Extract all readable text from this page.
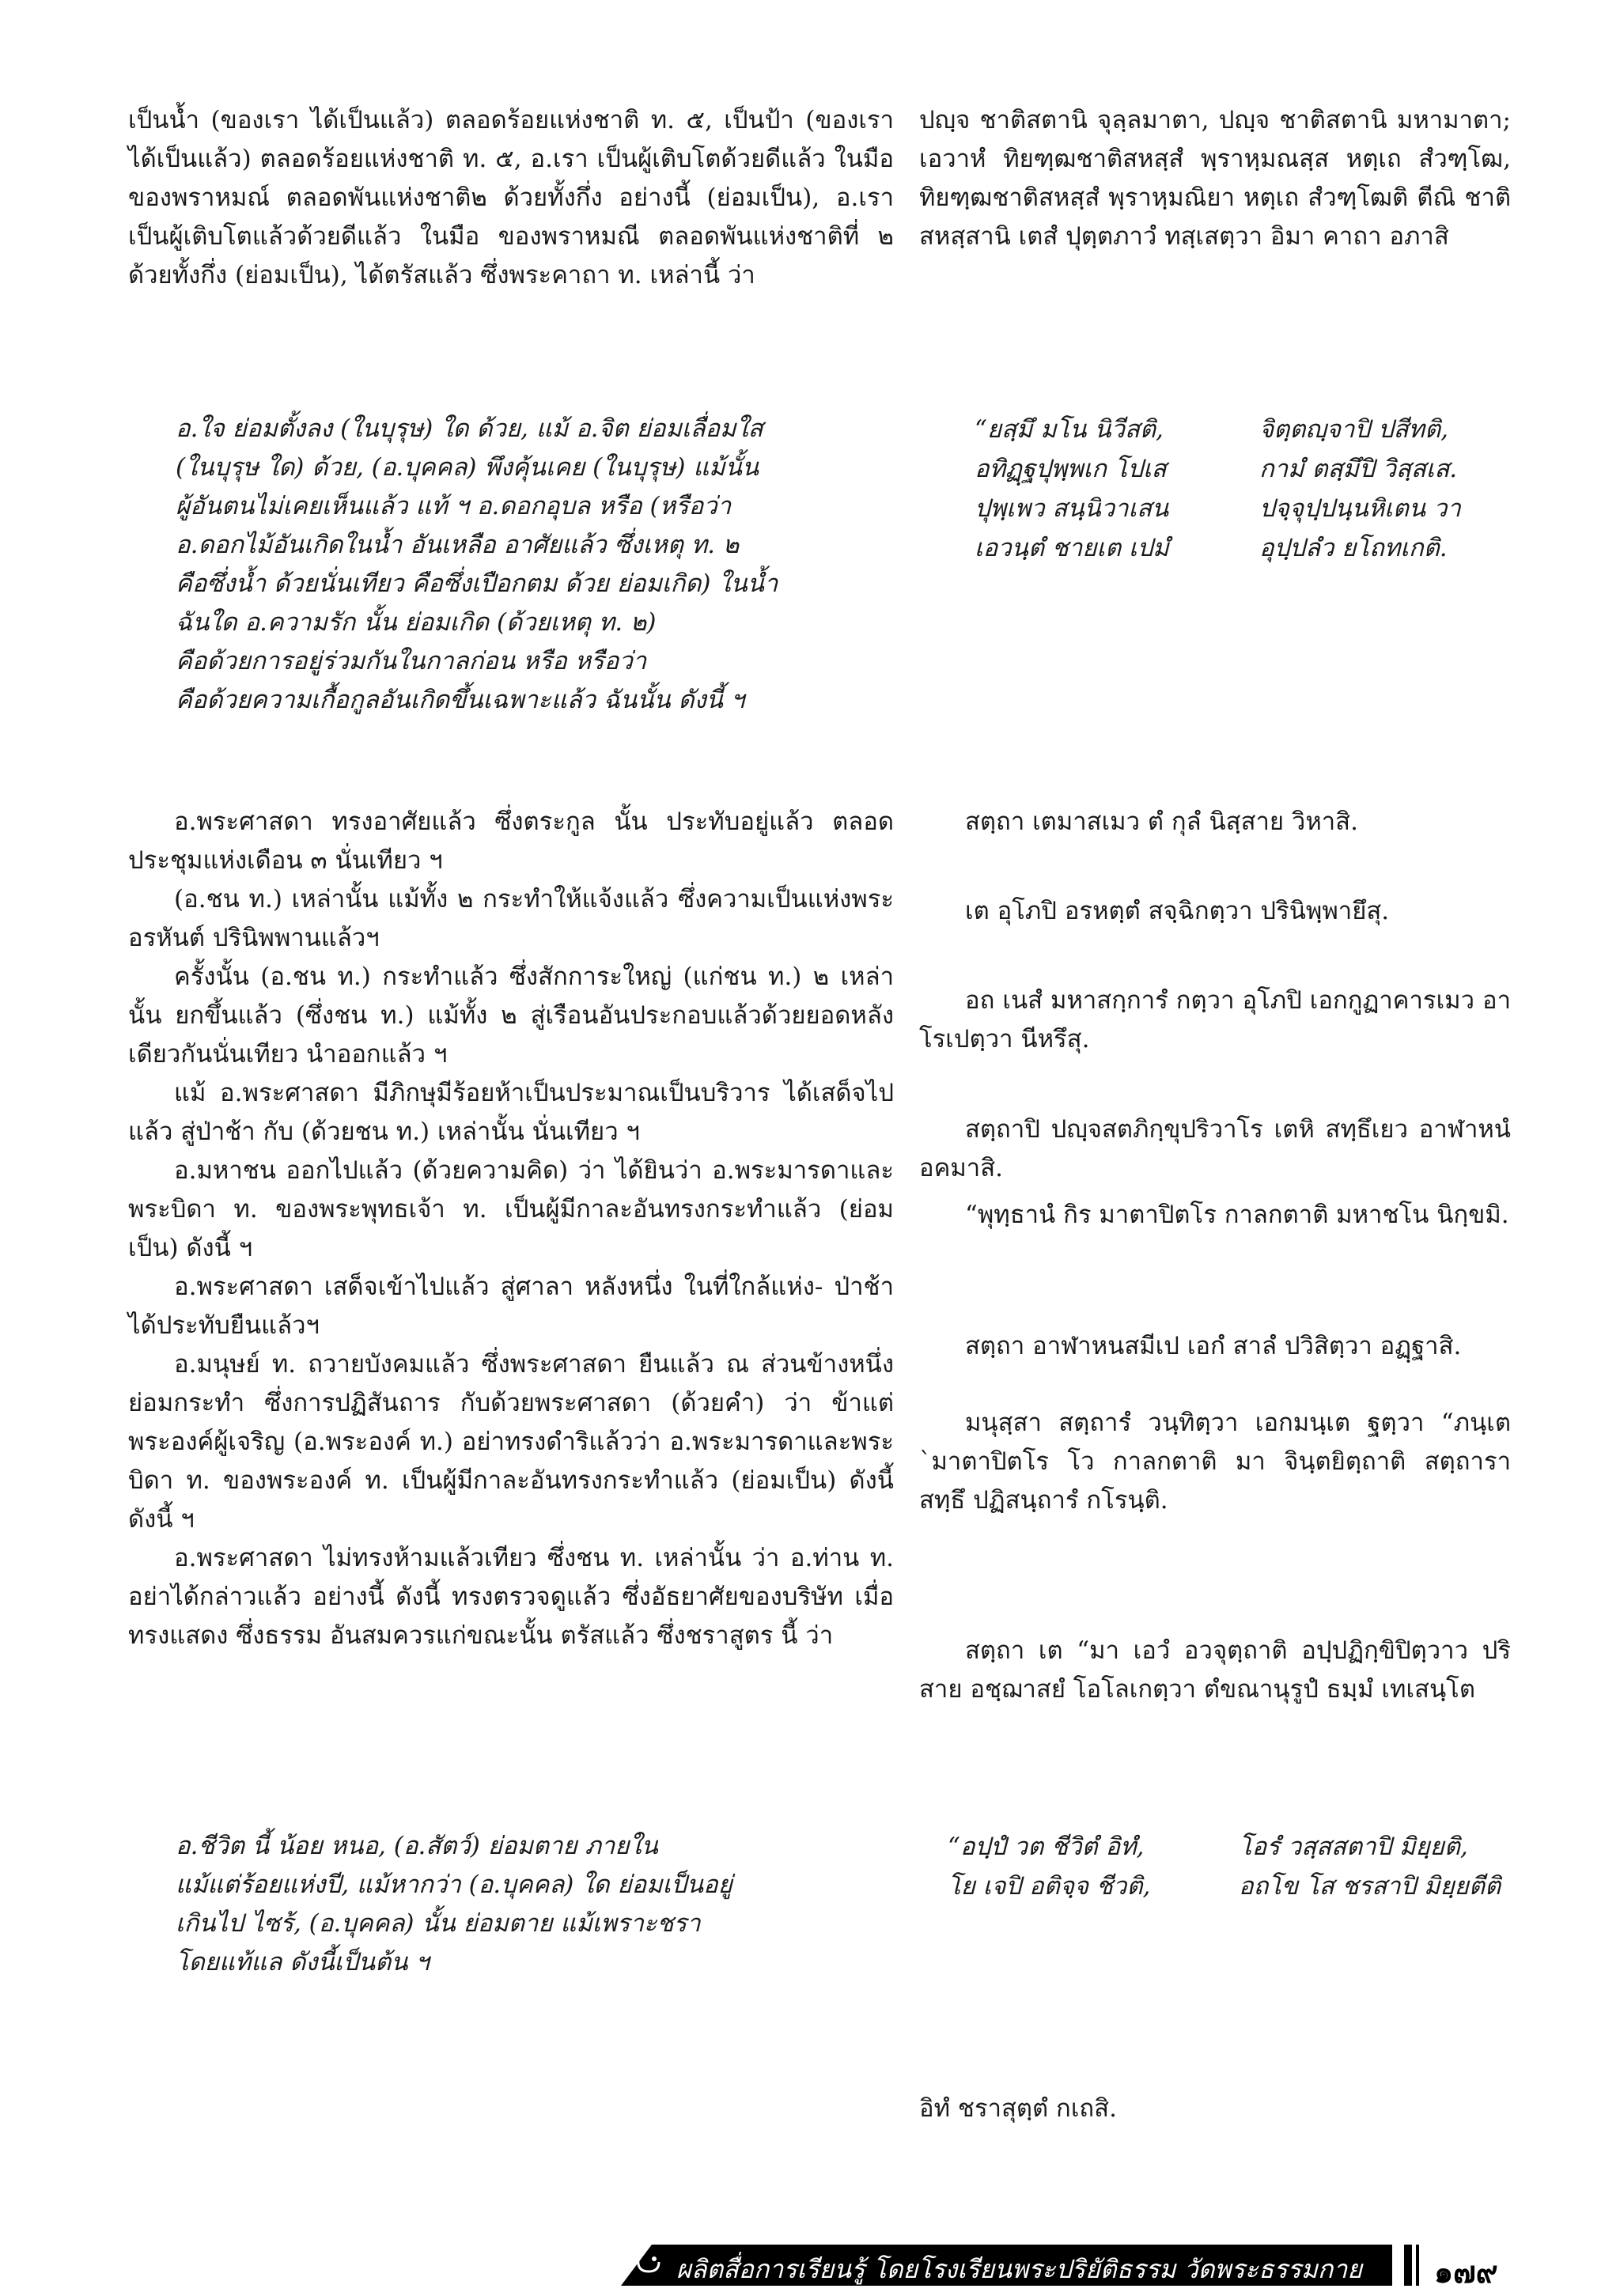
เป็นน้ำ (ของเรา ได้เป็นแล้ว) ตลอดร้อยแห่งชาติ ท. ๕, เป็นป้า (ของเรา ได้เป็นแล้ว) ตลอดร้อยแห่งชาติ ท. ๕, อ.เรา เป็นผู้เติบโตด้วยดีแล้ว ในมือ ของพราหมณ์ ตลอดพันแห่งชาติ๒ ด้วยทั้งกึ่ง อย่างนี้ (ย่อมเป็น), อ.เรา เป็นผู้เติบโตแล้วด้วยดีแล้ว ในมือ ของพราหมณี ตลอดพันแห่งชาติที่ ๒ ด้วยทั้งกึ่ง (ย่อมเป็น), ได้ตรัสแล้ว ซึ่งพระคาถา ท. เหล่านี้ ว่า

ปญฺจ ชาติสตานิ จุลฺลมาตา, ปญฺจ ชาติสตานิ มหามาตา; เอวาหํ ทิยฑฺฒชาติสหสฺสํ พฺราหฺมณสฺส หตฺเถ สํวฑฺโฒ, ทิยฑฺฒชาติสหสฺสํ พฺราหฺมณิยา หตฺเถ สํวฑฺโฒติ ตีณิ ชาติสหสฺสานิ เตสํ ปุตฺตภาวํ ทสฺเสตฺวา อิมา คาถา อภาสิ

อ.ใจ ย่อมตั้งลง (ในบุรุษ) ใด ด้วย, แม้ อ.จิต ย่อมเลื่อมใส

(ในบุรุษ ใด) ด้วย, (อ.บุคคล) พึงคุ้นเคย (ในบุรุษ) แม้นั้น

ผู้อันตนไม่เคยเห็นแล้ว แท้ ฯ อ.ดอกอุบล หรือ (หรือว่า

อ.ดอกไม้อันเกิดในน้ำ อันเหลือ อาศัยแล้ว ซึ่งเหตุ ท. ๒

คือซึ่งน้ำ ด้วยนั่นเทียว คือซึ่งเปือกตม ด้วย ย่อมเกิด) ในน้ำ

ฉันใด อ.ความรัก นั้น ย่อมเกิด (ด้วยเหตุ ท. ๒)

คือด้วยการอยู่ร่วมกันในกาลก่อน หรือ หรือว่า

คือด้วยความเกื้อกูลอันเกิดขึ้นเฉพาะแล้ว ฉันนั้น ดังนี้ ฯ

“ยสฺมึ มโน นิวีสติ,	จิตฺตญฺจาปิ ปสีทติ,
อทิฏฺฐปุพฺพเก โปเส	กามํ ตสฺมึปิ วิสฺสเส.
ปุพฺเพว สนฺนิวาเสน	ปจฺจุปฺปนฺนหิเตน วา
เอวนฺตํ ชายเต เปมํ	อุปฺปลํว ยโถทเกติ.

อ.พระศาสดา ทรงอาศัยแล้ว ซึ่งตระกูล นั้น ประทับอยู่แล้ว ตลอดประชุมแห่งเดือน ๓ นั่นเทียว ฯ

(อ.ชน ท.) เหล่านั้น แม้ทั้ง ๒ กระทำให้แจ้งแล้ว ซึ่งความเป็นแห่งพระอรหันต์ ปรินิพพานแล้วฯ

ครั้งนั้น (อ.ชน ท.) กระทำแล้ว ซึ่งสักการะใหญ่ (แก่ชน ท.) ๒ เหล่านั้น ยกขึ้นแล้ว (ซึ่งชน ท.) แม้ทั้ง ๒ สู่เรือนอันประกอบแล้วด้วยยอดหลังเดียวกันนั่นเทียว นำออกแล้ว ฯ

แม้ อ.พระศาสดา มีภิกษุมีร้อยห้าเป็นประมาณเป็นบริวาร ได้เสด็จไปแล้ว สู่ป่าช้า กับ (ด้วยชน ท.) เหล่านั้น นั่นเทียว ฯ

อ.มหาชน ออกไปแล้ว (ด้วยความคิด) ว่า ได้ยินว่า อ.พระมารดาและพระบิดา ท. ของพระพุทธเจ้า ท. เป็นผู้มีกาละอันทรงกระทำแล้ว (ย่อมเป็น) ดังนี้ ฯ

อ.พระศาสดา เสด็จเข้าไปแล้ว สู่ศาลา หลังหนึ่ง ในที่ใกล้แห่ง- ป่าช้า ได้ประทับยืนแล้วฯ

อ.มนุษย์ ท. ถวายบังคมแล้ว ซึ่งพระศาสดา ยืนแล้ว ณ ส่วนข้างหนึ่ง ย่อมกระทำ ซึ่งการปฏิสันถาร กับด้วยพระศาสดา (ด้วยคำ) ว่า ข้าแต่พระองค์ผู้เจริญ (อ.พระองค์ ท.) อย่าทรงดำริแล้วว่า อ.พระมารดาและพระบิดา ท. ของพระองค์ ท. เป็นผู้มีกาละอันทรงกระทำแล้ว (ย่อมเป็น) ดังนี้ ดังนี้ ฯ

อ.พระศาสดา ไม่ทรงห้ามแล้วเทียว ซึ่งชน ท. เหล่านั้น ว่า อ.ท่าน ท. อย่าได้กล่าวแล้ว อย่างนี้ ดังนี้ ทรงตรวจดูแล้ว ซึ่งอัธยาศัยของบริษัท เมื่อทรงแสดง ซึ่งธรรม อันสมควรแก่ขณะนั้น ตรัสแล้ว ซึ่งชราสูตร นี้ ว่า

สตฺถา เตมาสเมว ตํ กุลํ นิสฺสาย วิหาสิ.

เต อุโภปิ อรหตฺตํ สจฺฉิกตฺวา ปรินิพฺพายึสุ.

อถ เนสํ มหาสกฺการํ กตฺวา อุโภปิ เอกกูฏาคารเมว อาโรเปตฺวา นีหรึสุ.

สตฺถาปิ ปญฺจสตภิกฺขุปริวาโร เตหิ สทฺธึเยว อาฬาหนํ อคมาสิ.

“พุทฺธานํ กิร มาตาปิตโร กาลกตาติ มหาชโน นิกฺขมิ.

สตฺถา อาฬาหนสมีเป เอกํ สาลํ ปวิสิตฺวา อฏฺฐาสิ.

มนุสฺสา สตฺถารํ วนฺทิตฺวา เอกมนฺเต ฐตฺวา “ภนฺเต `มาตาปิตโร โว กาลกตาติ มา จินฺตยิตฺถาติ สตฺถารา สทฺธึ ปฏิสนฺถารํ กโรนฺติ.

สตฺถา เต “มา เอวํ อวจุตฺถาติ อปฺปฏิกฺขิปิตฺวาว ปริสาย อชฺฌาสยํ โอโลเกตฺวา ตํขณานุรูปํ ธมฺมํ เทเสนฺโต

อ.ชีวิต นี้ น้อย หนอ, (อ.สัตว์) ย่อมตาย ภายใน

แม้แต่ร้อยแห่งปี, แม้หากว่า (อ.บุคคล) ใด ย่อมเป็นอยู่

เกินไป ไซร้, (อ.บุคคล) นั้น ย่อมตาย แม้เพราะชรา

โดยแท้แล ดังนี้เป็นต้น ฯ

“อปฺปํ วต ชีวิตํ อิทํ,	โอรํ วสฺสสตาปิ มิยฺยติ,
โย เจปิ อติจฺจ ชีวติ,	อถโข โส ชรสาปิ มิยฺยตีติ

อิทํ ชราสุตฺตํ กเถสิ.

ผลิตสื่อการเรียนรู้ โดยโรงเรียนพระปริยัติธรรม วัดพระธรรมกาย ๑๗๙
